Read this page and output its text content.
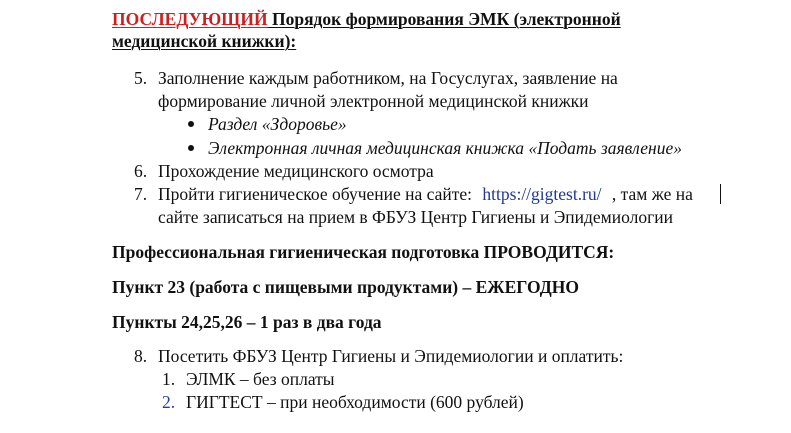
ПОСЛЕДУЮЩИЙ Порядок формирования ЭМК (электронной
медицинской книжки):
5. Заполнение каждым работником, на Госуслугах, заявление на
формирование личной электронной медицинской книжки
Раздел «Здоровье»
Электронная личная медицинская книжка «Подать заявление»
6. Прохождение медицинского осмотра
7. Пройти гигиеническое обучение на сайте: https://gigtest.ru/ , там же на
сайте записаться на прием в ФБУЗ Центр Гигиены и Эпидемиологии
Профессиональная гигиеническая подготовка ПРОВОДИТСЯ:
Пункт 23 (работа с пищевыми продуктами) – ЕЖЕГОДНО
Пункты 24,25,26 – 1 раз в два года
8. Посетить ФБУЗ Центр Гигиены и Эпидемиологии и оплатить:
1. ЭЛМК – без оплаты
2. ГИГТЕСТ – при необходимости (600 рублей)
